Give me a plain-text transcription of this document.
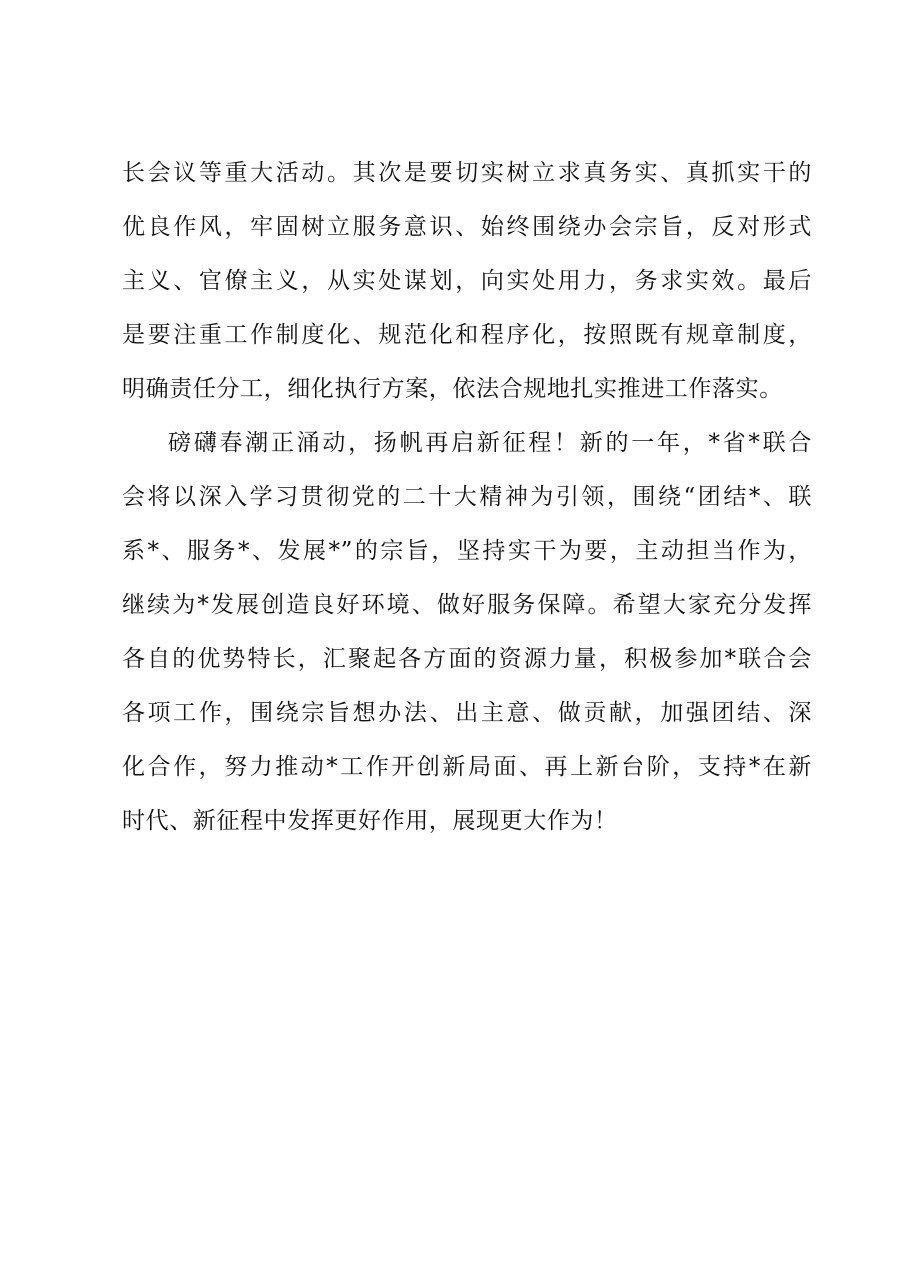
长会议等重大活动。其次是要切实树立求真务实、真抓实干的
优良作风，牢固树立服务意识、始终围绕办会宗旨，反对形式
主义、官僚主义，从实处谋划，向实处用力，务求实效。最后
是要注重工作制度化、规范化和程序化，按照既有规章制度，
明确责任分工，细化执行方案，依法合规地扎实推进工作落实。
磅礴春潮正涌动，扬帆再启新征程！新的一年，*省*联合
会将以深入学习贯彻党的二十大精神为引领，围绕“团结*、联
系*、服务*、发展*”的宗旨，坚持实干为要，主动担当作为，
继续为*发展创造良好环境、做好服务保障。希望大家充分发挥
各自的优势特长，汇聚起各方面的资源力量，积极参加*联合会
各项工作，围绕宗旨想办法、出主意、做贡献，加强团结、深
化合作，努力推动*工作开创新局面、再上新台阶，支持*在新
时代、新征程中发挥更好作用，展现更大作为！
